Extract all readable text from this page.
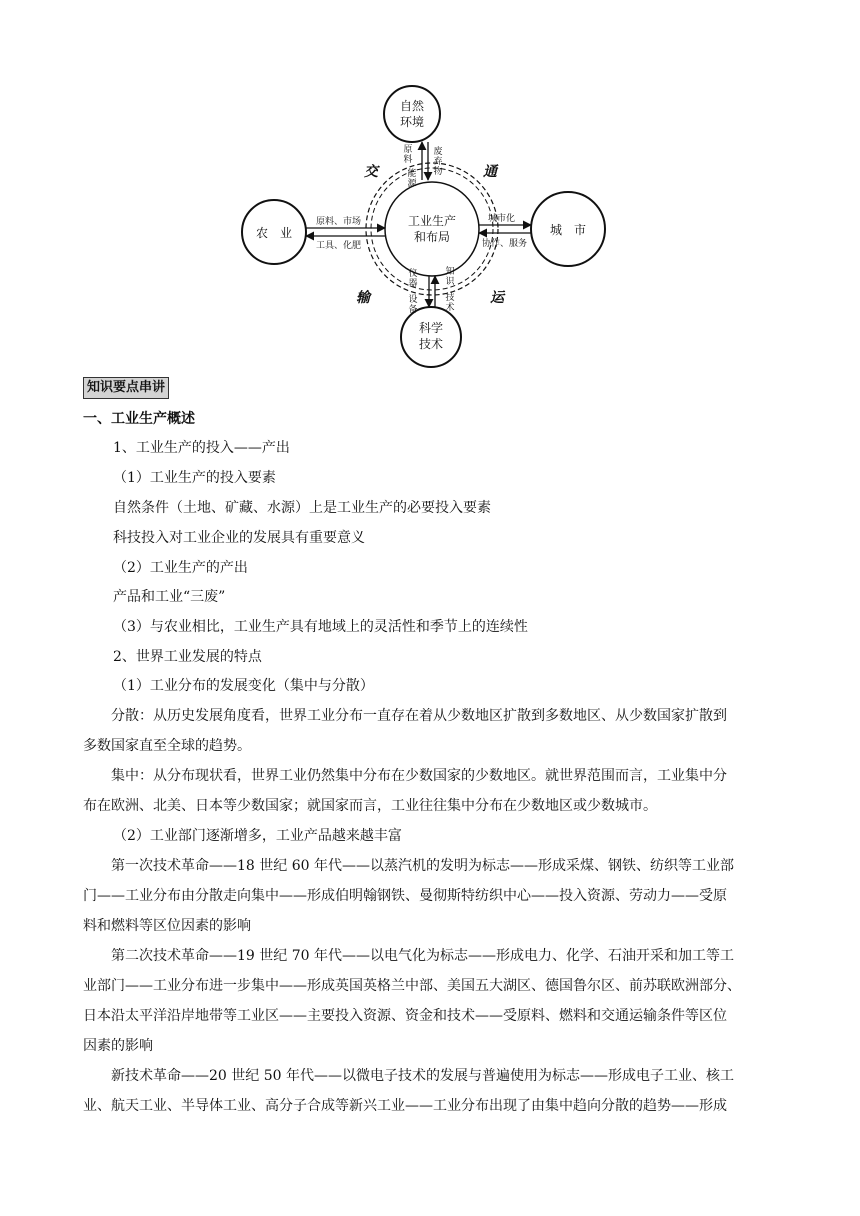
工业生产
和布局
自然
环境
农　业	城　市
科学
技术
交	通
输	运
原
料
能
源
废
弃
物
原料、市场
工具、化肥
城市化
协作、服务
仪
器
设
备
知
识
技
术
知识要点串讲
一、工业生产概述
1、工业生产的投入——产出
（1）工业生产的投入要素
自然条件（土地、矿藏、水源）上是工业生产的必要投入要素
科技投入对工业企业的发展具有重要意义
（2）工业生产的产出
产品和工业“三废”
（3）与农业相比，工业生产具有地域上的灵活性和季节上的连续性
2、世界工业发展的特点
（1）工业分布的发展变化（集中与分散）
　　分散：从历史发展角度看，世界工业分布一直存在着从少数地区扩散到多数地区、从少数国家扩散到
多数国家直至全球的趋势。
　　集中：从分布现状看，世界工业仍然集中分布在少数国家的少数地区。就世界范围而言，工业集中分
布在欧洲、北美、日本等少数国家；就国家而言，工业往往集中分布在少数地区或少数城市。
（2）工业部门逐渐增多，工业产品越来越丰富
　　第一次技术革命——18 世纪 60 年代——以蒸汽机的发明为标志——形成采煤、钢铁、纺织等工业部
门——工业分布由分散走向集中——形成伯明翰钢铁、曼彻斯特纺织中心——投入资源、劳动力——受原
料和燃料等区位因素的影响
　　第二次技术革命——19 世纪 70 年代——以电气化为标志——形成电力、化学、石油开采和加工等工
业部门——工业分布进一步集中——形成英国英格兰中部、美国五大湖区、德国鲁尔区、前苏联欧洲部分、
日本沿太平洋沿岸地带等工业区——主要投入资源、资金和技术——受原料、燃料和交通运输条件等区位
因素的影响
　　新技术革命——20 世纪 50 年代——以微电子技术的发展与普遍使用为标志——形成电子工业、核工
业、航天工业、半导体工业、高分子合成等新兴工业——工业分布出现了由集中趋向分散的趋势——形成
